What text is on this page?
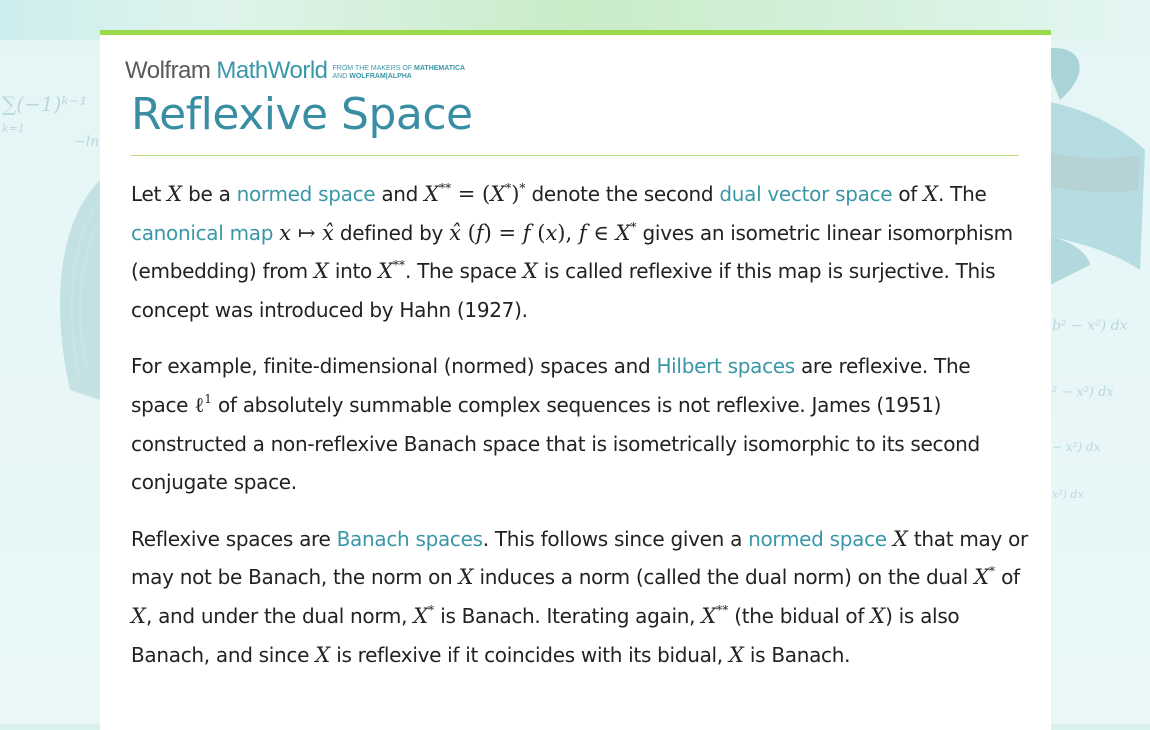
∑(−1)ᵏ⁻¹
k=1
−ln
b² − x²) dx
² − x²) dx
− x²) dx
x²) dx
Wolfram MathWorld FROM THE MAKERS OF MATHEMATICA
AND WOLFRAM|ALPHA
Reflexive Space

Let X be a normed space and X** = (X*)* denote the second dual vector space of X. The canonical map x ↦ x̂ defined by x̂ (f) = f (x), f ∈ X* gives an isometric linear isomorphism (embedding) from X into X**. The space X is called reflexive if this map is surjective. This concept was introduced by Hahn (1927).

For example, finite-dimensional (normed) spaces and Hilbert spaces are reflexive. The space ℓ$^1$ of absolutely summable complex sequences is not reflexive. James (1951) constructed a non-reflexive Banach space that is isometrically isomorphic to its second conjugate space.

Reflexive spaces are Banach spaces. This follows since given a normed space X that may or may not be Banach, the norm on X induces a norm (called the dual norm) on the dual X* of X, and under the dual norm, X* is Banach. Iterating again, X** (the bidual of X) is also Banach, and since X is reflexive if it coincides with its bidual, X is Banach.
